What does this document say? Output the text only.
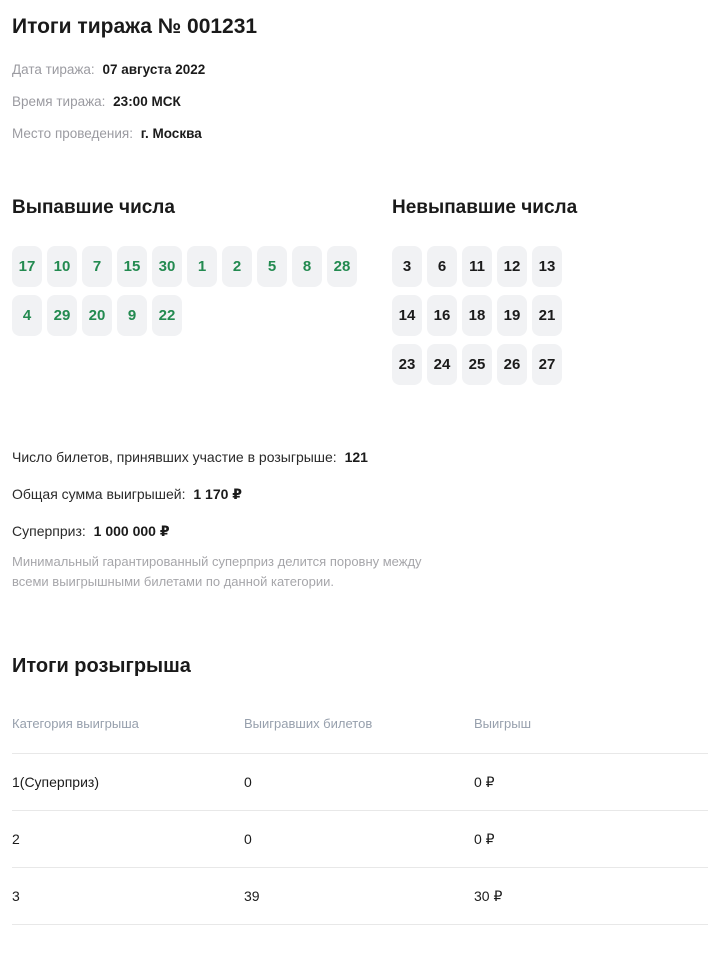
Итоги тиража № 001231
Дата тиража: 07 августа 2022
Время тиража: 23:00 МСК
Место проведения: г. Москва
Выпавшие числа
17	10	7	15	30	1	2	5	8	28
4	29	20	9	22
Невыпавшие числа
3	6	11	12	13
14	16	18	19	21
23	24	25	26	27
Число билетов, принявших участие в розыгрыше: 121
Общая сумма выигрышей: 1 170 ₽
Суперприз: 1 000 000 ₽

Минимальный гарантированный суперприз делится поровну между всеми выигрышными билетами по данной категории.

Итоги розыгрыша
Категория выигрыша	Выигравших билетов	Выигрыш
1(Суперприз)	0	0 ₽
2	0	0 ₽
3	39	30 ₽
